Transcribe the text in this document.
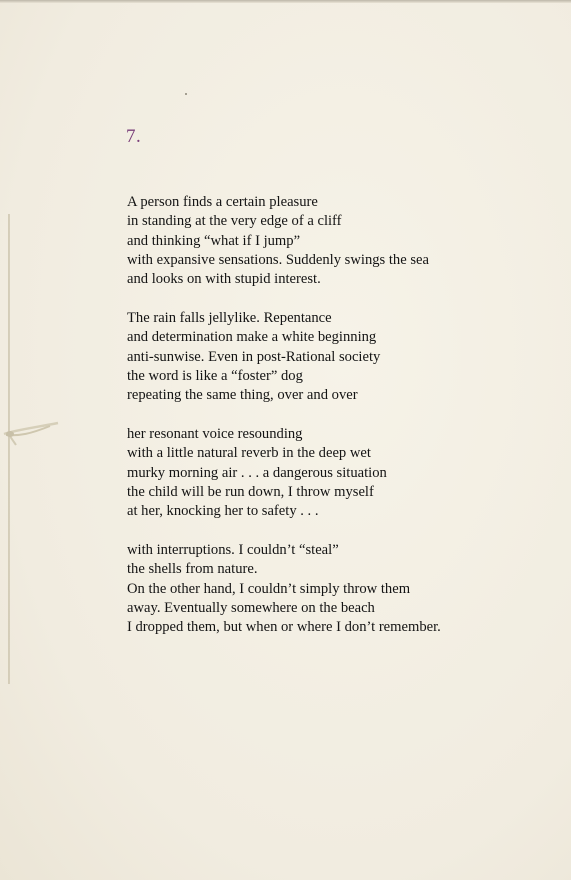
7.
A person finds a certain pleasure
in standing at the very edge of a cliff
and thinking “what if I jump”
with expansive sensations. Suddenly swings the sea
and looks on with stupid interest.
The rain falls jellylike. Repentance
and determination make a white beginning
anti-sunwise. Even in post-Rational society
the word is like a “foster” dog
repeating the same thing, over and over
her resonant voice resounding
with a little natural reverb in the deep wet
murky morning air . . . a dangerous situation
the child will be run down, I throw myself
at her, knocking her to safety . . .
with interruptions. I couldn’t “steal”
the shells from nature.
On the other hand, I couldn’t simply throw them
away. Eventually somewhere on the beach
I dropped them, but when or where I don’t remember.
